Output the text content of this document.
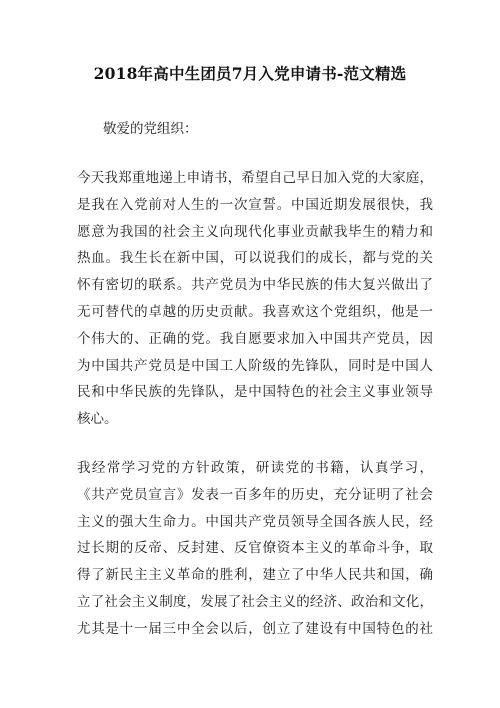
2018年高中生团员7月入党申请书-范文精选
敬爱的党组织：
今天我郑重地递上申请书，希望自己早日加入党的大家庭，
是我在入党前对人生的一次宣誓。中国近期发展很快，我
愿意为我国的社会主义向现代化事业贡献我毕生的精力和
热血。我生长在新中国，可以说我们的成长，都与党的关
怀有密切的联系。共产党员为中华民族的伟大复兴做出了
无可替代的卓越的历史贡献。我喜欢这个党组织，他是一
个伟大的、正确的党。我自愿要求加入中国共产党员，因
为中国共产党员是中国工人阶级的先锋队，同时是中国人
民和中华民族的先锋队，是中国特色的社会主义事业领导
核心。
我经常学习党的方针政策，研读党的书籍，认真学习，
《共产党员宣言》发表一百多年的历史，充分证明了社会
主义的强大生命力。中国共产党员领导全国各族人民，经
过长期的反帝、反封建、反官僚资本主义的革命斗争，取
得了新民主主义革命的胜利，建立了中华人民共和国，确
立了社会主义制度，发展了社会主义的经济、政治和文化，
尤其是十一届三中全会以后，创立了建设有中国特色的社
